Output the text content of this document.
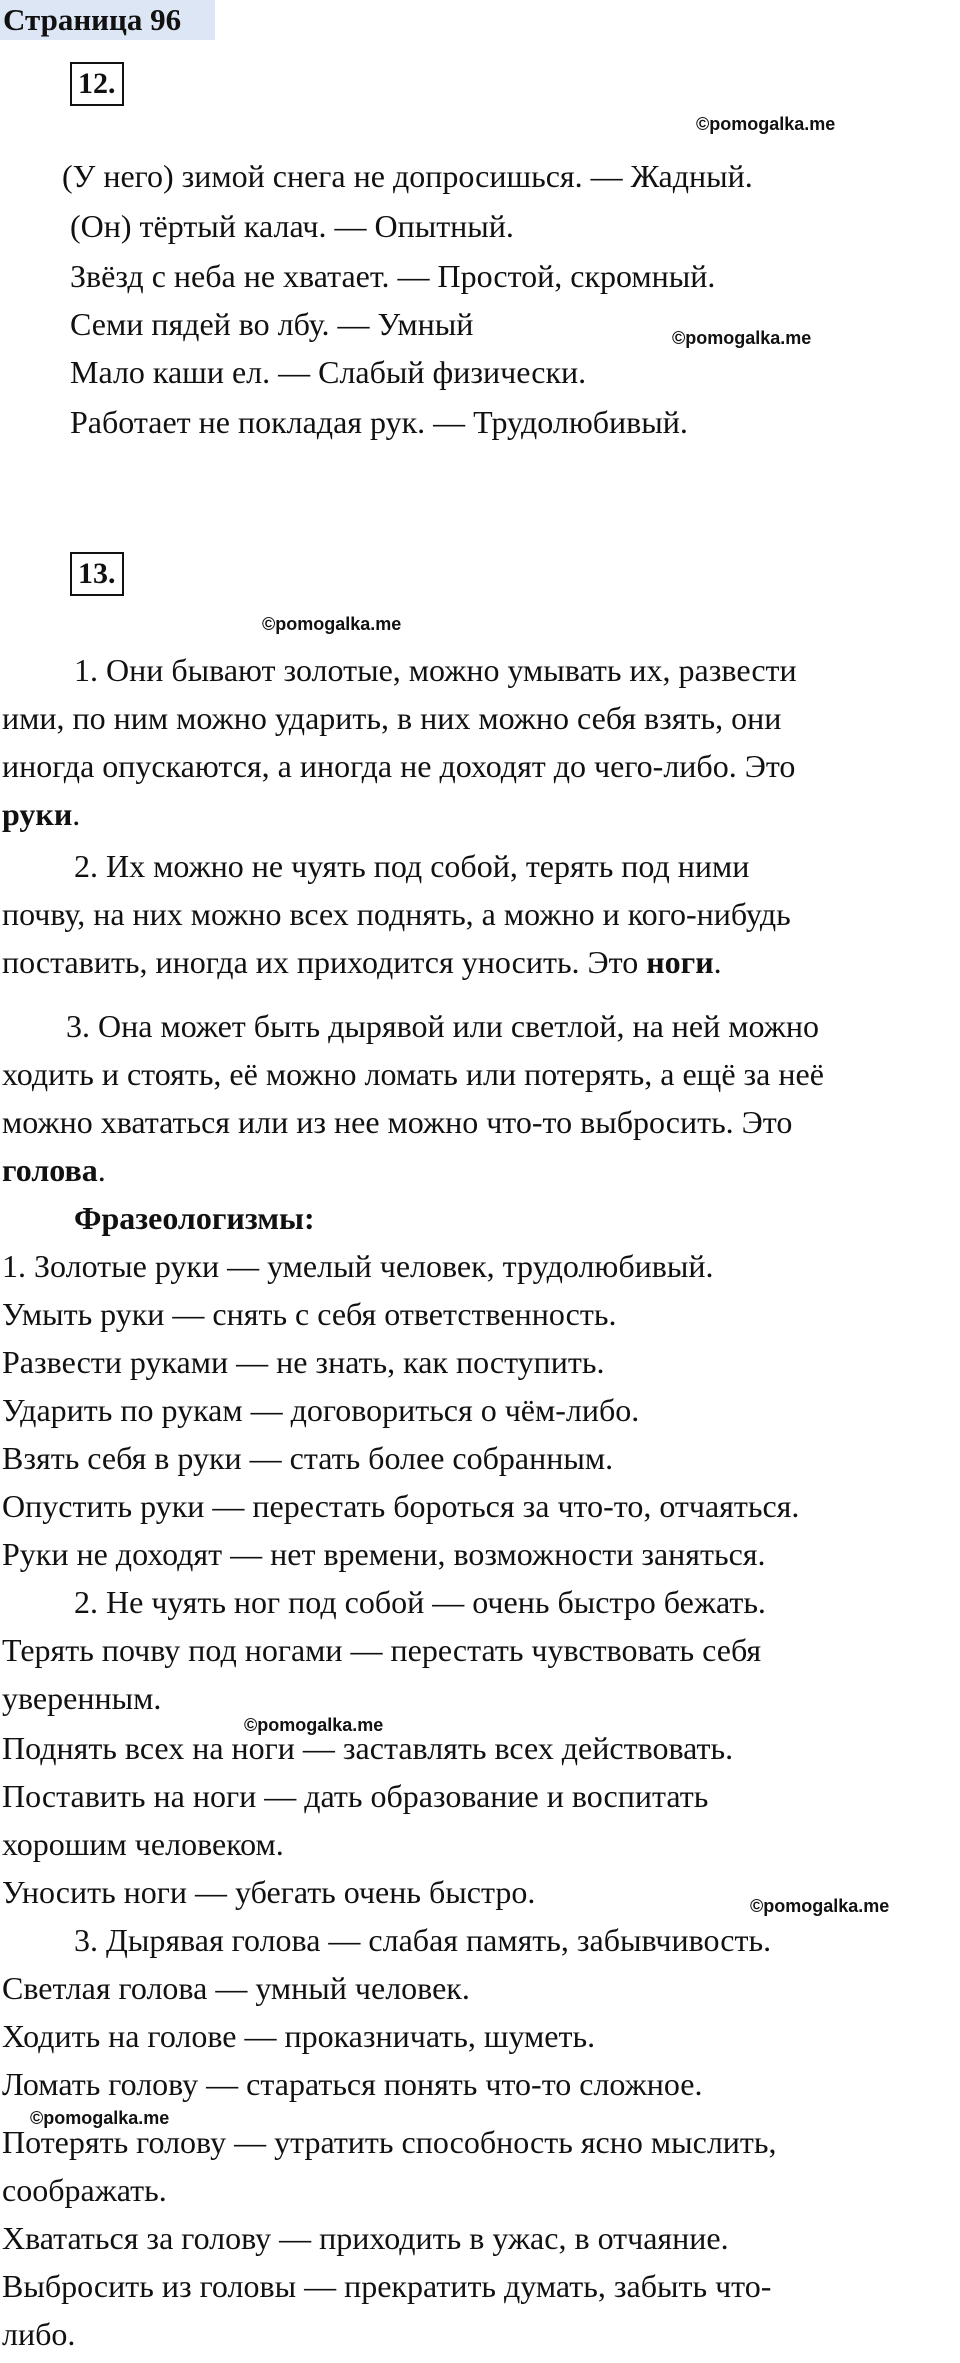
Страница 96
12.
©pomogalka.me
(У него) зимой снега не допросишься. — Жадный.
(Он) тёртый калач. — Опытный.
Звёзд с неба не хватает. — Простой, скромный.
Семи пядей во лбу. — Умный	©pomogalka.me
Мало каши ел. — Слабый физически.
Работает не покладая рук. — Трудолюбивый.
13.
©pomogalka.me
1. Они бывают золотые, можно умывать их, развести
ими, по ним можно ударить, в них можно себя взять, они
иногда опускаются, а иногда не доходят до чего-либо. Это
руки.
2. Их можно не чуять под собой, терять под ними
почву, на них можно всех поднять, а можно и кого-нибудь
поставить, иногда их приходится уносить. Это ноги.
3. Она может быть дырявой или светлой, на ней можно
ходить и стоять, её можно ломать или потерять, а ещё за неё
можно хвататься или из нее можно что-то выбросить. Это
голова.
Фразеологизмы:
1. Золотые руки — умелый человек, трудолюбивый.
Умыть руки — снять с себя ответственность.
Развести руками — не знать, как поступить.
Ударить по рукам — договориться о чём-либо.
Взять себя в руки — стать более собранным.
Опустить руки — перестать бороться за что-то, отчаяться.
Руки не доходят — нет времени, возможности заняться.
2. Не чуять ног под собой — очень быстро бежать.
Терять почву под ногами — перестать чувствовать себя
уверенным.
©pomogalka.me
Поднять всех на ноги — заставлять всех действовать.
Поставить на ноги — дать образование и воспитать
хорошим человеком.
Уносить ноги — убегать очень быстро.	©pomogalka.me
3. Дырявая голова — слабая память, забывчивость.
Светлая голова — умный человек.
Ходить на голове — проказничать, шуметь.
Ломать голову — стараться понять что-то сложное.
©pomogalka.me
Потерять голову — утратить способность ясно мыслить,
соображать.
Хвататься за голову — приходить в ужас, в отчаяние.
Выбросить из головы — прекратить думать, забыть что-
либо.
